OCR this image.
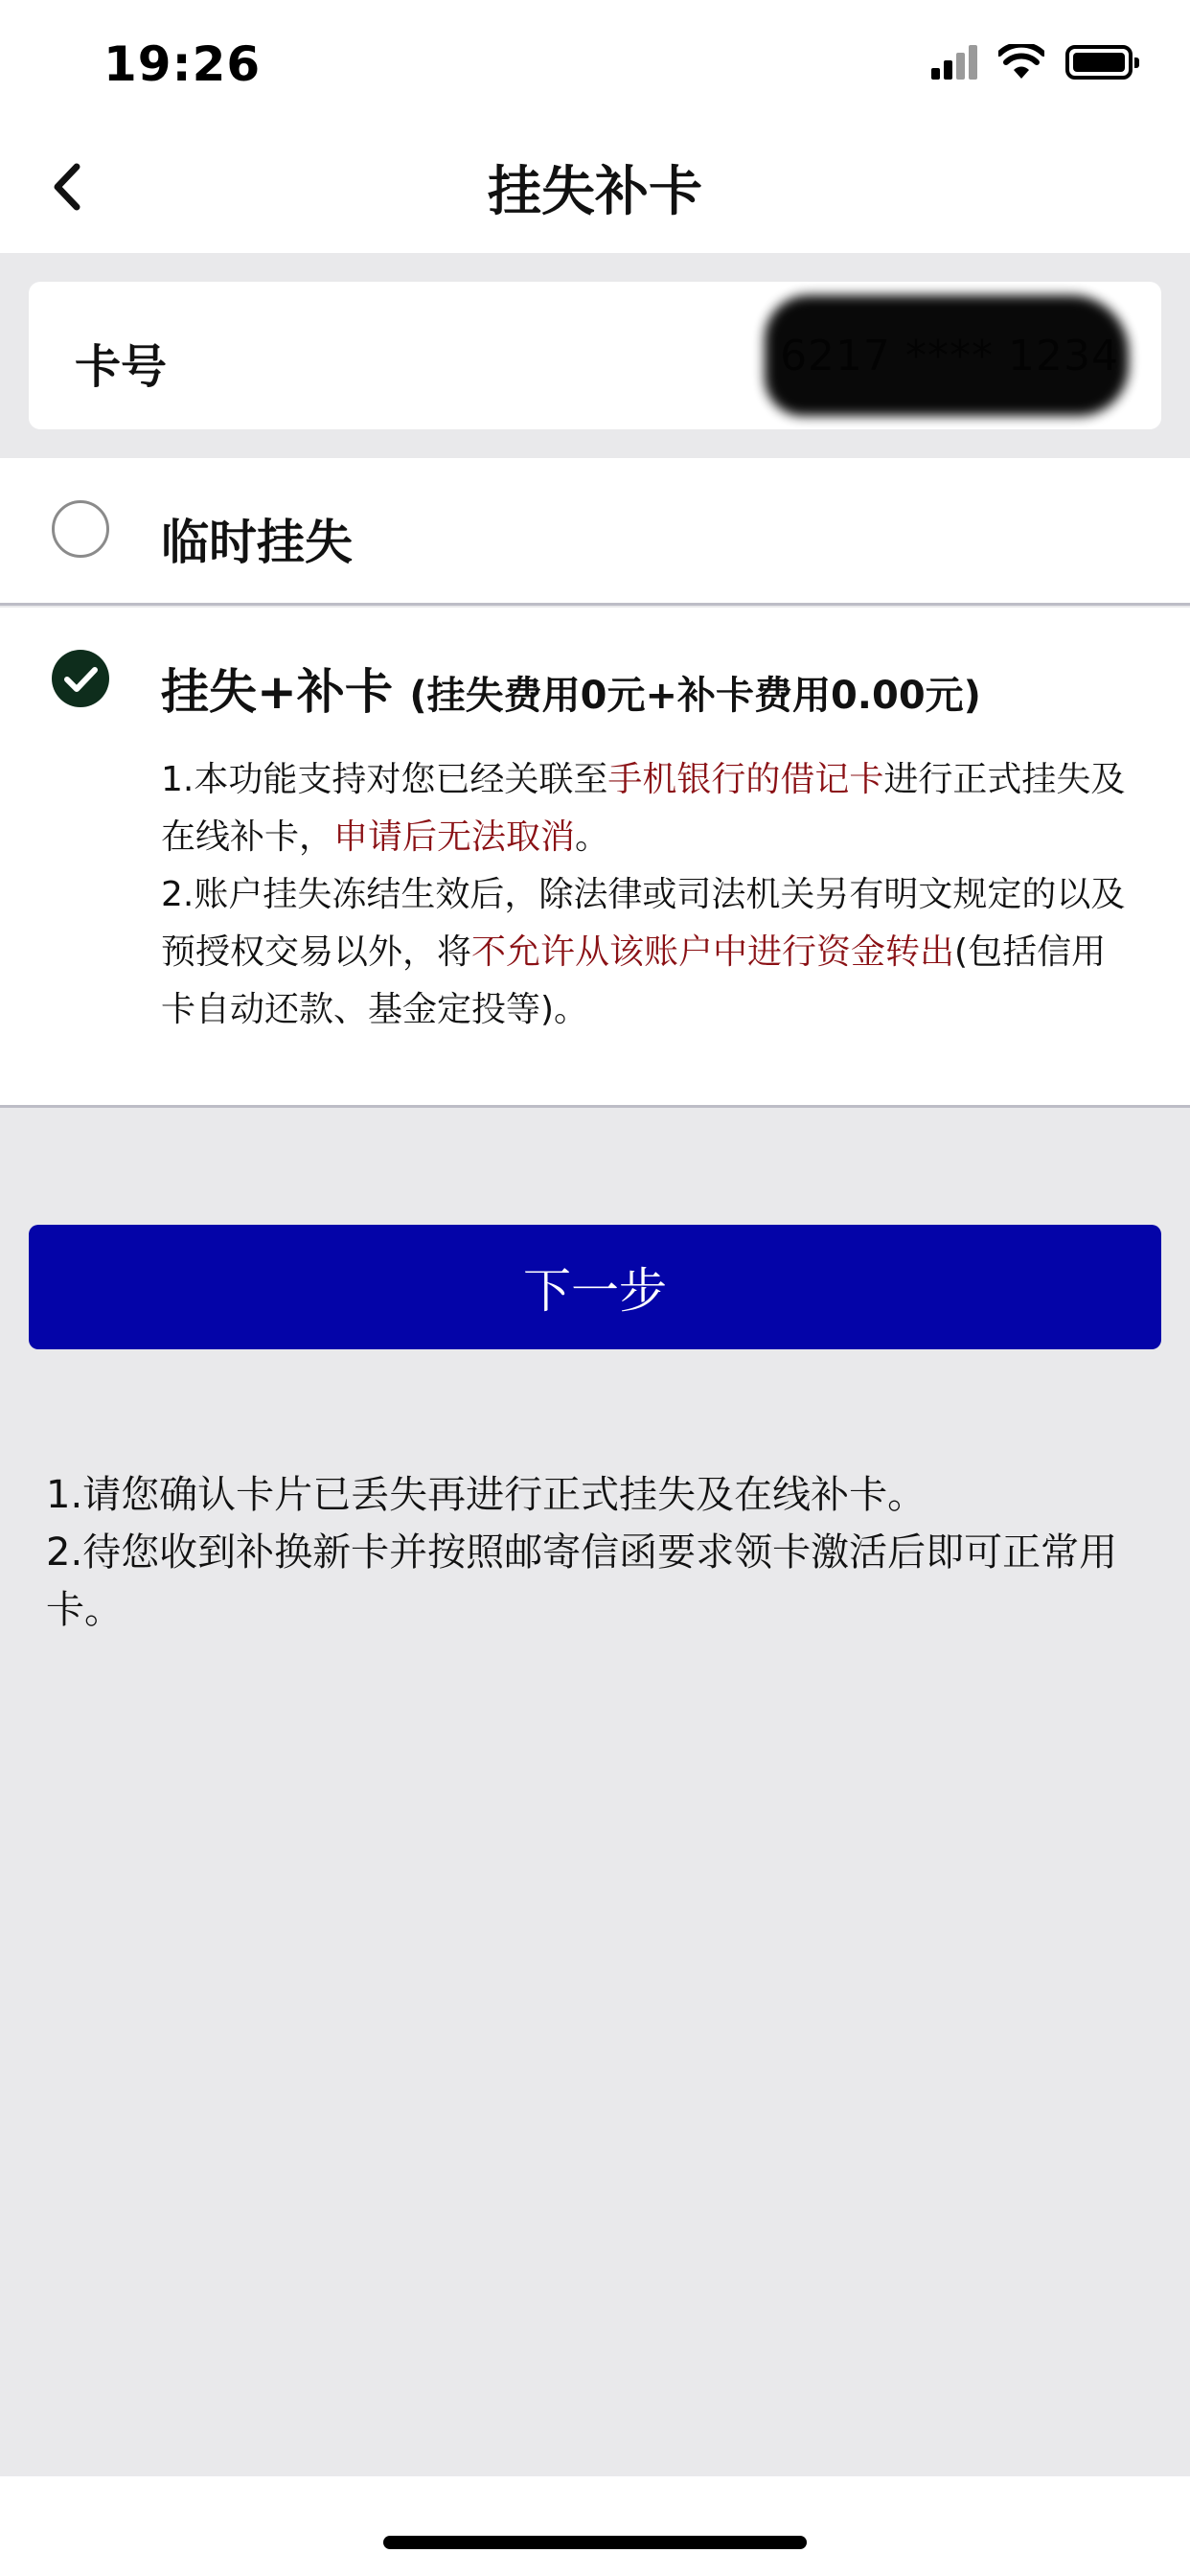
19:26
挂失补卡
卡号
临时挂失
挂失+补卡 (挂失费用0元+补卡费用0.00元)
1.本功能支持对您已经关联至手机银行的借记卡进行正式挂失及在线补卡，申请后无法取消。
2.账户挂失冻结生效后，除法律或司法机关另有明文规定的以及预授权交易以外，将不允许从该账户中进行资金转出(包括信用卡自动还款、基金定投等)。
下一步
1.请您确认卡片已丢失再进行正式挂失及在线补卡。
2.待您收到补换新卡并按照邮寄信函要求领卡激活后即可正常用卡。
